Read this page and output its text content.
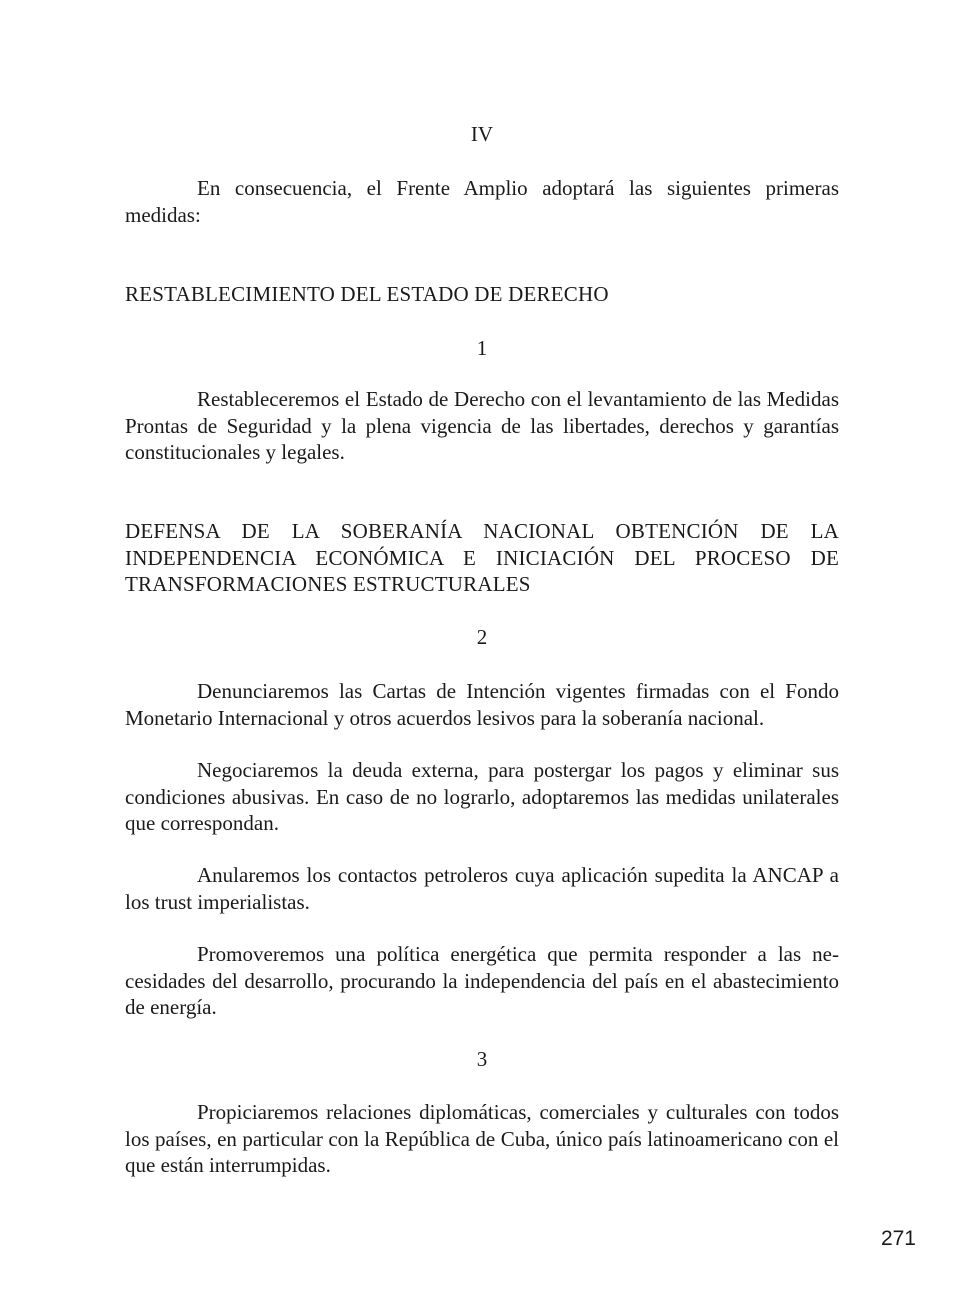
IV

En consecuencia, el Frente Amplio adoptará las siguientes primeras medidas:

RESTABLECIMIENTO DEL ESTADO DE DERECHO
1

Restableceremos el Estado de Derecho con el levantamiento de las Medidas Prontas de Seguridad y la plena vigencia de las libertades, derechos y garantías constitucionales y legales.

DEFENSA DE LA SOBERANÍA NACIONAL OBTENCIÓN DE LA INDEPENDENCIA ECONÓMICA E INICIACIÓN DEL PROCESO DE TRANSFORMACIONES ESTRUCTURALES
2

Denunciaremos las Cartas de Intención vigentes firmadas con el Fondo Monetario Internacional y otros acuerdos lesivos para la soberanía nacional.

Negociaremos la deuda externa, para postergar los pagos y eliminar sus condiciones abusivas. En caso de no lograrlo, adoptaremos las medidas unilaterales que correspondan.

Anularemos los contactos petroleros cuya aplicación supedita la ANCAP a los trust imperialistas.

Promoveremos una política energética que permita responder a las necesidades del desarrollo, procurando la independencia del país en el abastecimiento de energía.

3

Propiciaremos relaciones diplomáticas, comerciales y culturales con todos los países, en particular con la República de Cuba, único país latinoamericano con el que están interrumpidas.

271
